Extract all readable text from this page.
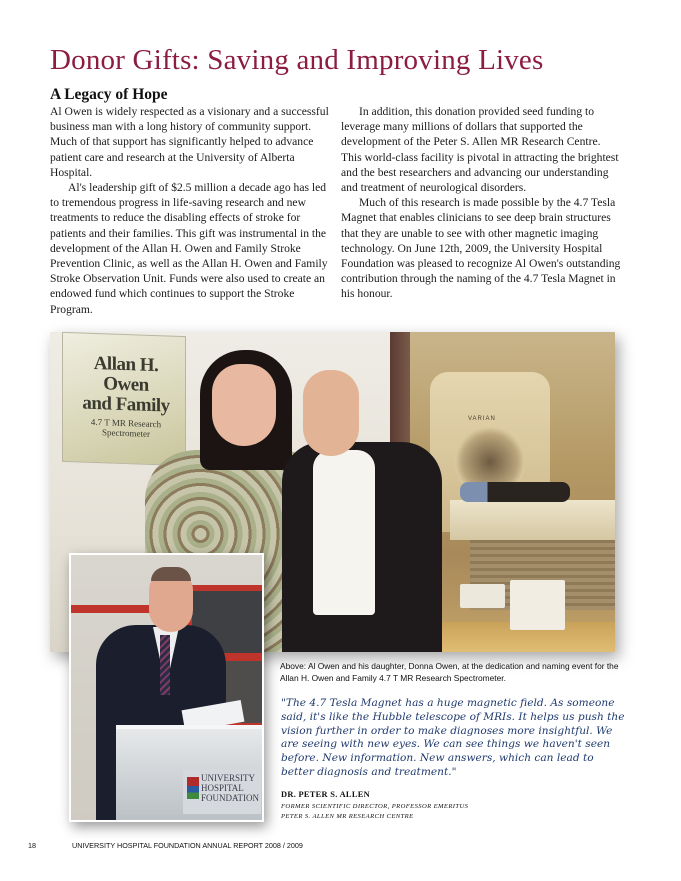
Donor Gifts: Saving and Improving Lives
A Legacy of Hope

Al Owen is widely respected as a visionary and a successful business man with a long history of community support. Much of that support has significantly helped to advance patient care and research at the University of Alberta Hospital.

Al's leadership gift of $2.5 million a decade ago has led to tremendous progress in life-saving research and new treatments to reduce the disabling effects of stroke for patients and their families. This gift was instrumental in the development of the Allan H. Owen and Family Stroke Prevention Clinic, as well as the Allan H. Owen and Family Stroke Observation Unit. Funds were also used to create an endowed fund which continues to support the Stroke Program.

In addition, this donation provided seed funding to leverage many millions of dollars that supported the development of the Peter S. Allen MR Research Centre. This world-class facility is pivotal in attracting the brightest and the best researchers and advancing our understanding and treatment of neurological disorders.

Much of this research is made possible by the 4.7 Tesla Magnet that enables clinicians to see deep brain structures that they are unable to see with other magnetic imaging technology. On June 12th, 2009, the University Hospital Foundation was pleased to recognize Al Owen's outstanding contribution through the naming of the 4.7 Tesla Magnet in his honour.

Allan H. Owen
and Family
4.7 T MR Research Spectrometer
VARIAN
UNIVERSITY
HOSPITAL
FOUNDATION
Above: Al Owen and his daughter, Donna Owen, at the dedication and naming event for the Allan H. Owen and Family 4.7 T MR Research Spectrometer.
"The 4.7 Tesla Magnet has a huge magnetic field. As someone said, it's like the Hubble telescope of MRIs. It helps us push the vision further in order to make diagnoses more insightful. We are seeing with new eyes. We can see things we haven't seen before. New information. New answers, which can lead to better diagnosis and treatment."
DR. PETER S. ALLEN
FORMER SCIENTIFIC DIRECTOR, PROFESSOR EMERITUS
PETER S. ALLEN MR RESEARCH CENTRE
18	UNIVERSITY HOSPITAL FOUNDATION ANNUAL REPORT 2008 / 2009
